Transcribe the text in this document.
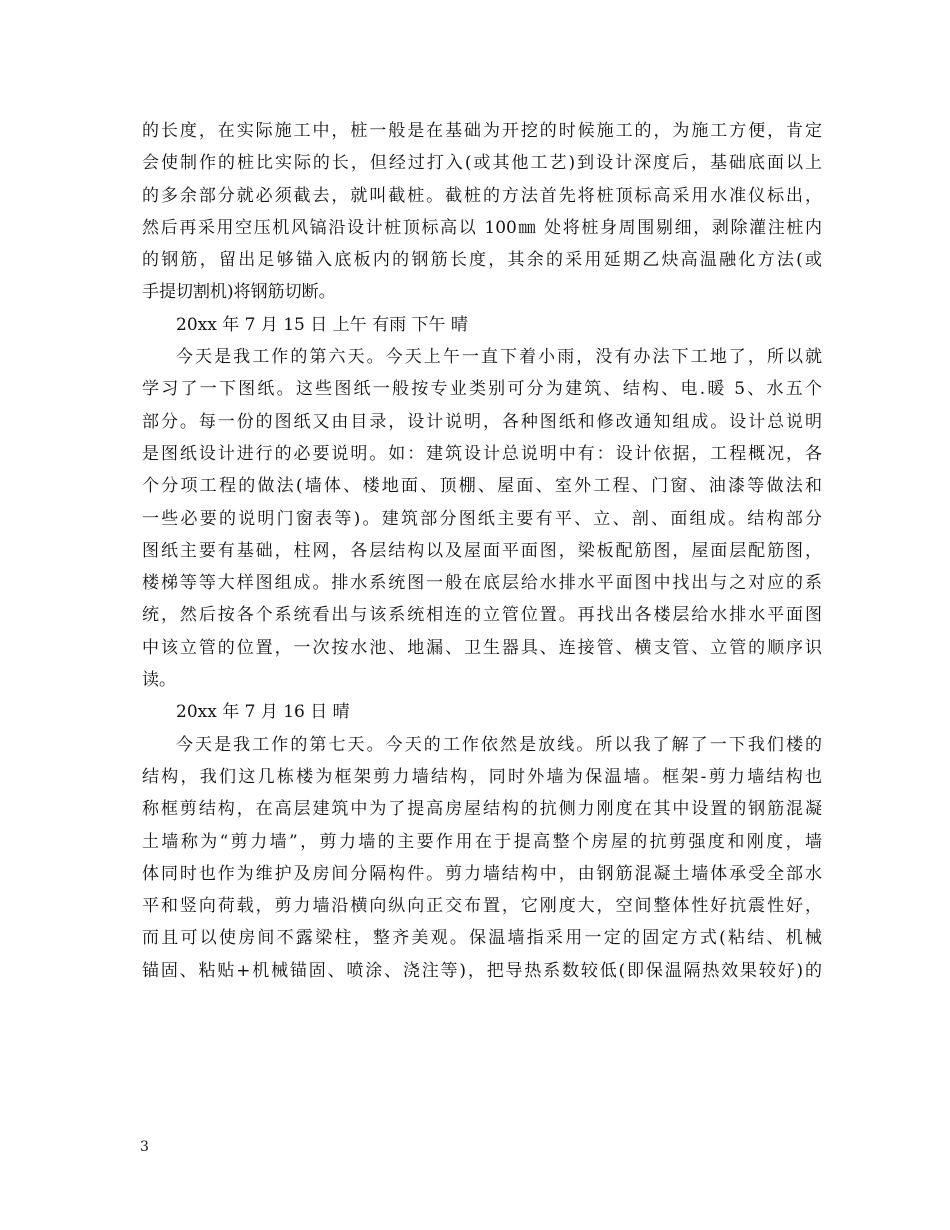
的长度，在实际施工中，桩一般是在基础为开挖的时候施工的，为施工方便，肯定
会使制作的桩比实际的长，但经过打入(或其他工艺)到设计深度后，基础底面以上
的多余部分就必须截去，就叫截桩。截桩的方法首先将桩顶标高采用水准仪标出，
然后再采用空压机风镐沿设计桩顶标高以 100㎜ 处将桩身周围剔细，剥除灌注桩内
的钢筋，留出足够锚入底板内的钢筋长度，其余的采用延期乙炔高温融化方法(或
手提切割机)将钢筋切断。
20xx 年 7 月 15 日 上午 有雨 下午 晴
今天是我工作的第六天。今天上午一直下着小雨，没有办法下工地了，所以就
学习了一下图纸。这些图纸一般按专业类别可分为建筑、结构、电.暖 5、水五个
部分。每一份的图纸又由目录，设计说明，各种图纸和修改通知组成。设计总说明
是图纸设计进行的必要说明。如：建筑设计总说明中有：设计依据，工程概况，各
个分项工程的做法(墙体、楼地面、顶棚、屋面、室外工程、门窗、油漆等做法和
一些必要的说明门窗表等)。建筑部分图纸主要有平、立、剖、面组成。结构部分
图纸主要有基础，柱网，各层结构以及屋面平面图，梁板配筋图，屋面层配筋图，
楼梯等等大样图组成。排水系统图一般在底层给水排水平面图中找出与之对应的系
统，然后按各个系统看出与该系统相连的立管位置。再找出各楼层给水排水平面图
中该立管的位置，一次按水池、地漏、卫生器具、连接管、横支管、立管的顺序识
读。
20xx 年 7 月 16 日 晴
今天是我工作的第七天。今天的工作依然是放线。所以我了解了一下我们楼的
结构，我们这几栋楼为框架剪力墙结构，同时外墙为保温墙。框架-剪力墙结构也
称框剪结构，在高层建筑中为了提高房屋结构的抗侧力刚度在其中设置的钢筋混凝
土墙称为“剪力墙”，剪力墙的主要作用在于提高整个房屋的抗剪强度和刚度，墙
体同时也作为维护及房间分隔构件。剪力墙结构中，由钢筋混凝土墙体承受全部水
平和竖向荷载，剪力墙沿横向纵向正交布置，它刚度大，空间整体性好抗震性好，
而且可以使房间不露梁柱，整齐美观。保温墙指采用一定的固定方式(粘结、机械
锚固、粘贴+机械锚固、喷涂、浇注等)，把导热系数较低(即保温隔热效果较好)的
3
